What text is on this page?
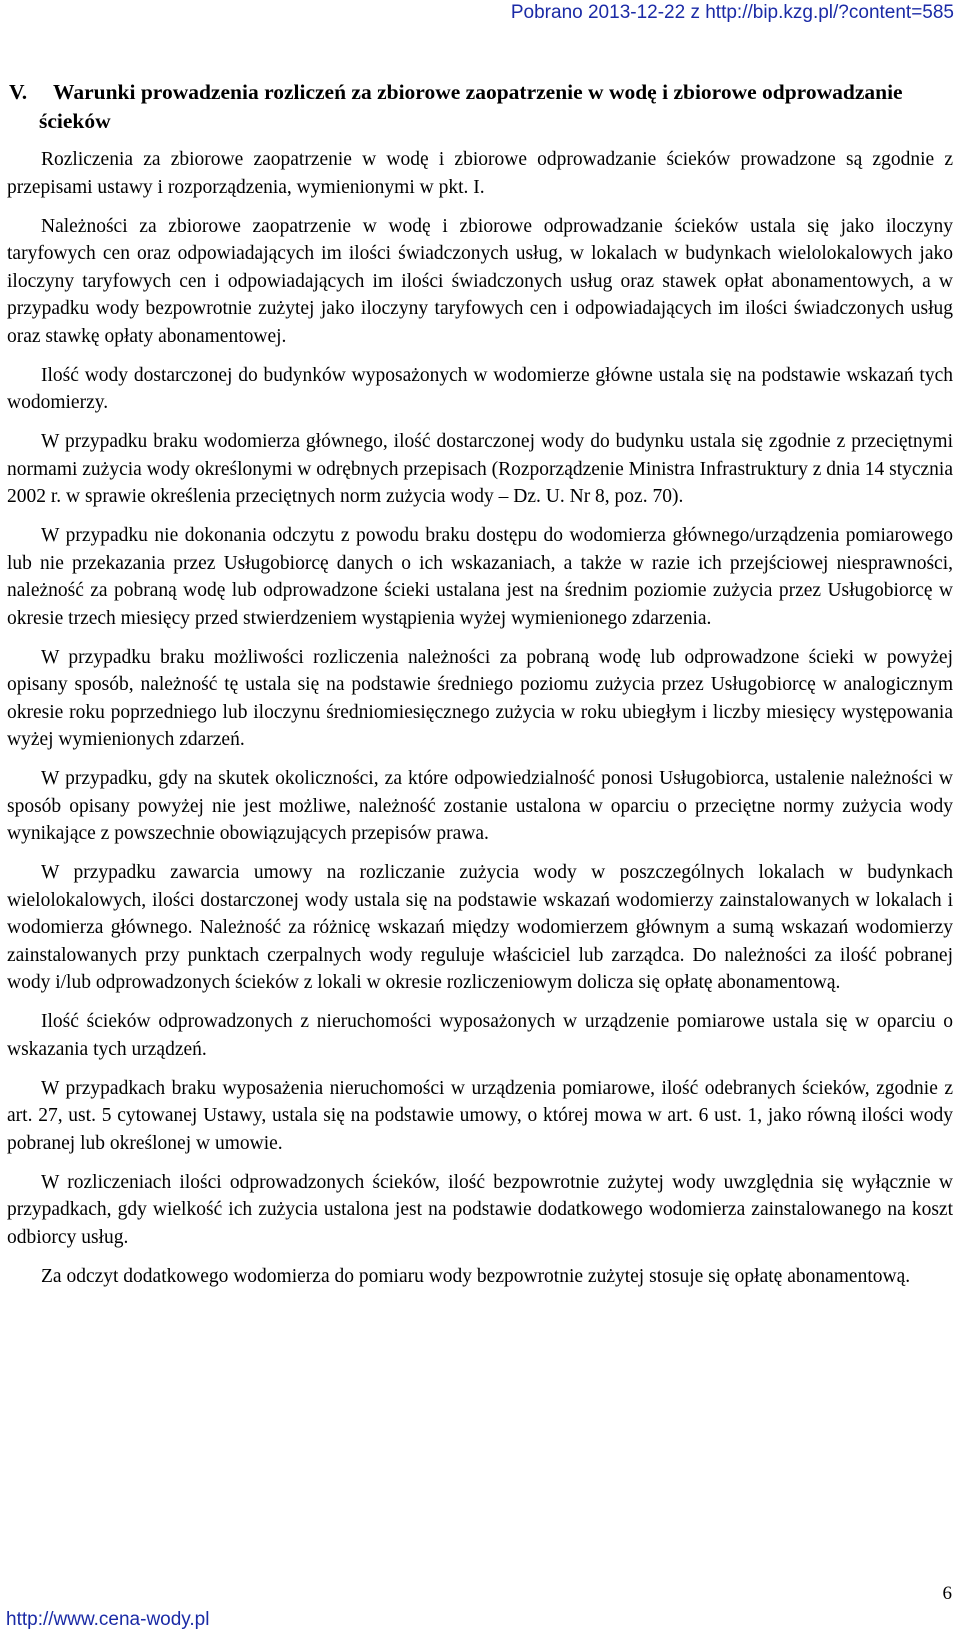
Pobrano 2013-12-22 z http://bip.kzg.pl/?content=585
V. Warunki prowadzenia rozliczeń za zbiorowe zaopatrzenie w wodę i zbiorowe odprowadzanie ścieków

Rozliczenia za zbiorowe zaopatrzenie w wodę i zbiorowe odprowadzanie ścieków prowadzone są zgodnie z przepisami ustawy i rozporządzenia, wymienionymi w pkt. I.

Należności za zbiorowe zaopatrzenie w wodę i zbiorowe odprowadzanie ścieków ustala się jako iloczyny taryfowych cen oraz odpowiadających im ilości świadczonych usług, w lokalach w budynkach wielolokalowych jako iloczyny taryfowych cen i odpowiadających im ilości świadczonych usług oraz stawek opłat abonamentowych, a w przypadku wody bezpowrotnie zużytej jako iloczyny taryfowych cen i odpowiadających im ilości świadczonych usług oraz stawkę opłaty abonamentowej.

Ilość wody dostarczonej do budynków wyposażonych w wodomierze główne ustala się na podstawie wskazań tych wodomierzy.

W przypadku braku wodomierza głównego, ilość dostarczonej wody do budynku ustala się zgodnie z przeciętnymi normami zużycia wody określonymi w odrębnych przepisach (Rozporządzenie Ministra Infrastruktury z dnia 14 stycznia 2002 r. w sprawie określenia przeciętnych norm zużycia wody – Dz. U. Nr 8, poz. 70).

W przypadku nie dokonania odczytu z powodu braku dostępu do wodomierza głównego/urządzenia pomiarowego lub nie przekazania przez Usługobiorcę danych o ich wskazaniach, a także w razie ich przejściowej niesprawności, należność za pobraną wodę lub odprowadzone ścieki ustalana jest na średnim poziomie zużycia przez Usługobiorcę w okresie trzech miesięcy przed stwierdzeniem wystąpienia wyżej wymienionego zdarzenia.

W przypadku braku możliwości rozliczenia należności za pobraną wodę lub odprowadzone ścieki w powyżej opisany sposób, należność tę ustala się na podstawie średniego poziomu zużycia przez Usługobiorcę w analogicznym okresie roku poprzedniego lub iloczynu średniomiesięcznego zużycia w roku ubiegłym i liczby miesięcy występowania wyżej wymienionych zdarzeń.

W przypadku, gdy na skutek okoliczności, za które odpowiedzialność ponosi Usługobiorca, ustalenie należności w sposób opisany powyżej nie jest możliwe, należność zostanie ustalona w oparciu o przeciętne normy zużycia wody wynikające z powszechnie obowiązujących przepisów prawa.

W przypadku zawarcia umowy na rozliczanie zużycia wody w poszczególnych lokalach w budynkach wielolokalowych, ilości dostarczonej wody ustala się na podstawie wskazań wodomierzy zainstalowanych w lokalach i wodomierza głównego. Należność za różnicę wskazań między wodomierzem głównym a sumą wskazań wodomierzy zainstalowanych przy punktach czerpalnych wody reguluje właściciel lub zarządca. Do należności za ilość pobranej wody i/lub odprowadzonych ścieków z lokali w okresie rozliczeniowym dolicza się opłatę abonamentową.

Ilość ścieków odprowadzonych z nieruchomości wyposażonych w urządzenie pomiarowe ustala się w oparciu o wskazania tych urządzeń.

W przypadkach braku wyposażenia nieruchomości w urządzenia pomiarowe, ilość odebranych ścieków, zgodnie z art. 27, ust. 5 cytowanej Ustawy, ustala się na podstawie umowy, o której mowa w art. 6 ust. 1, jako równą ilości wody pobranej lub określonej w umowie.

W rozliczeniach ilości odprowadzonych ścieków, ilość bezpowrotnie zużytej wody uwzględnia się wyłącznie w przypadkach, gdy wielkość ich zużycia ustalona jest na podstawie dodatkowego wodomierza zainstalowanego na koszt odbiorcy usług.

Za odczyt dodatkowego wodomierza do pomiaru wody bezpowrotnie zużytej stosuje się opłatę abonamentową.

6
http://www.cena-wody.pl
